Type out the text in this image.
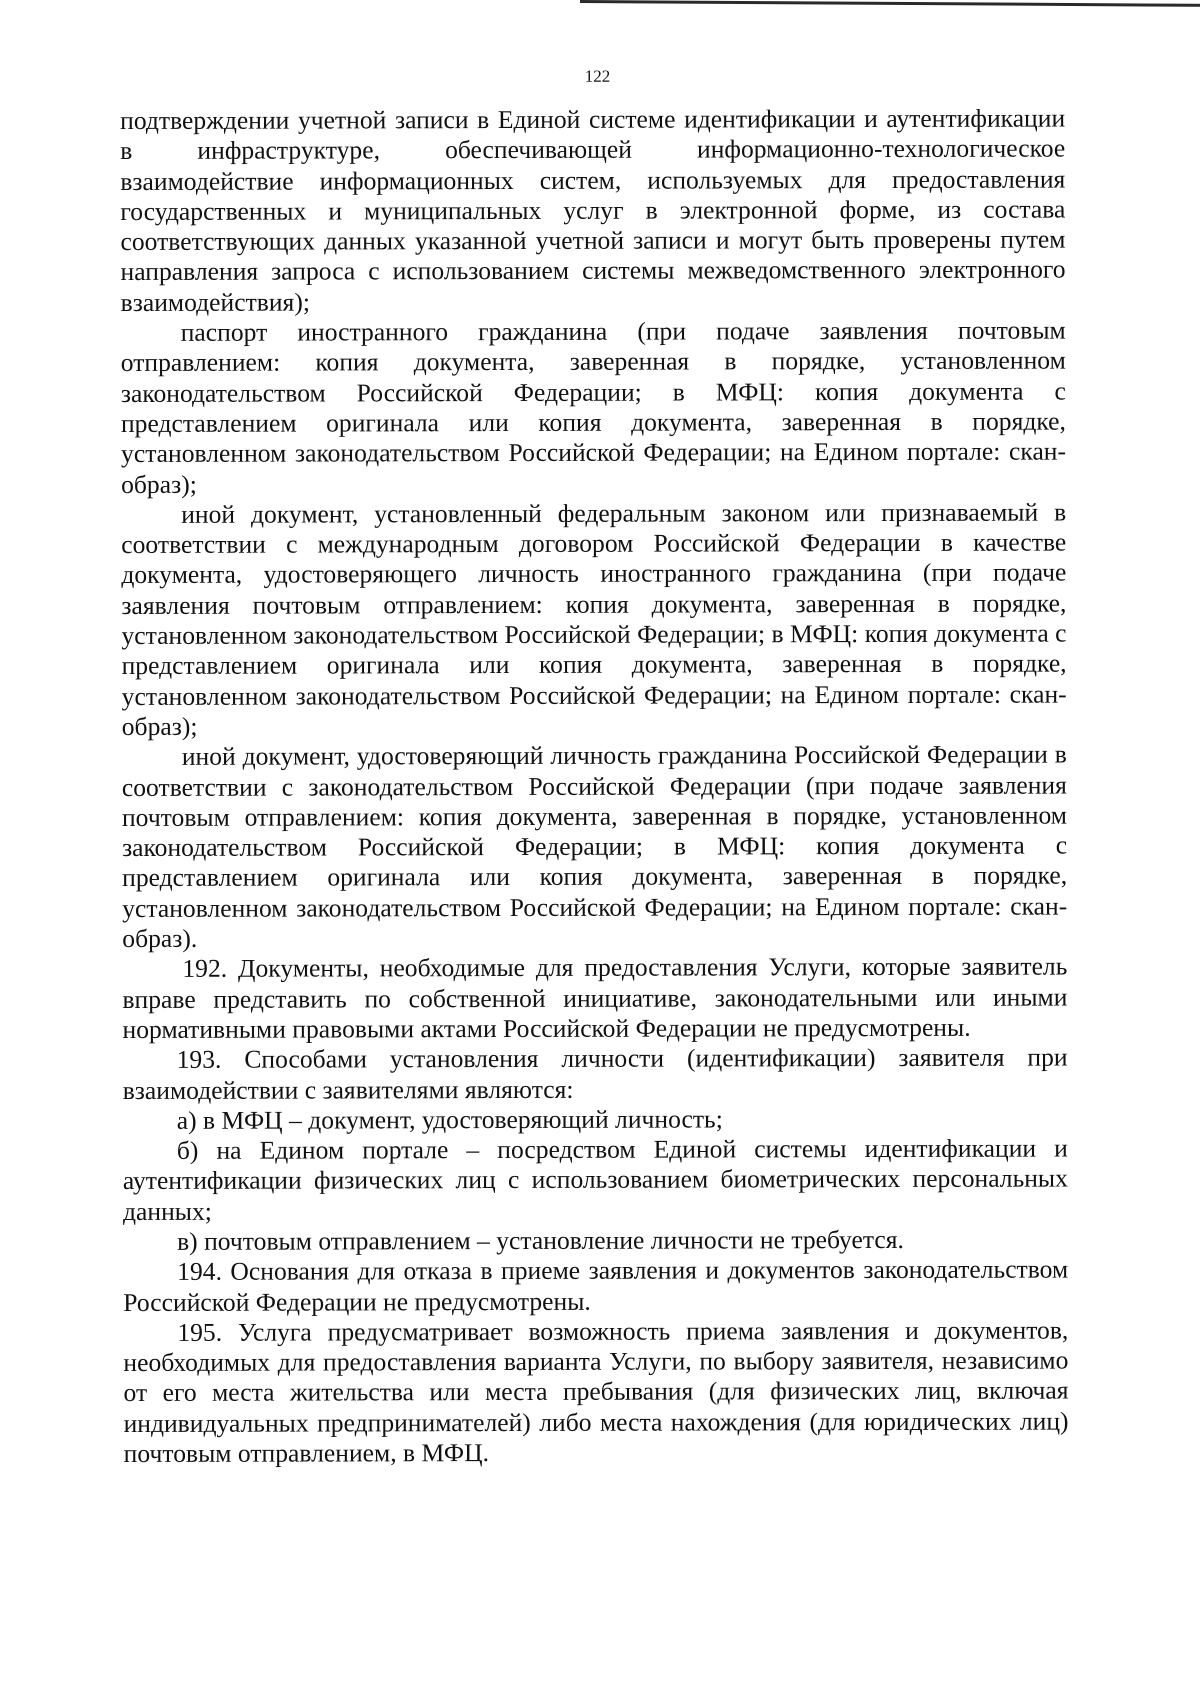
122

подтверждении учетной записи в Единой системе идентификации и аутентификации в инфраструктуре, обеспечивающей информационно-технологическое взаимодействие информационных систем, используемых для предоставления государственных и муниципальных услуг в электронной форме, из состава соответствующих данных указанной учетной записи и могут быть проверены путем направления запроса с использованием системы межведомственного электронного взаимодействия);

паспорт иностранного гражданина (при подаче заявления почтовым отправлением: копия документа, заверенная в порядке, установленном законодательством Российской Федерации; в МФЦ: копия документа с представлением оригинала или копия документа, заверенная в порядке, установленном законодательством Российской Федерации; на Едином портале: скан-образ);

иной документ, установленный федеральным законом или признаваемый в соответствии с международным договором Российской Федерации в качестве документа, удостоверяющего личность иностранного гражданина (при подаче заявления почтовым отправлением: копия документа, заверенная в порядке, установленном законодательством Российской Федерации; в МФЦ: копия документа с представлением оригинала или копия документа, заверенная в порядке, установленном законодательством Российской Федерации; на Едином портале: скан-образ);

иной документ, удостоверяющий личность гражданина Российской Федерации в соответствии с законодательством Российской Федерации (при подаче заявления почтовым отправлением: копия документа, заверенная в порядке, установленном законодательством Российской Федерации; в МФЦ: копия документа с представлением оригинала или копия документа, заверенная в порядке, установленном законодательством Российской Федерации; на Едином портале: скан-образ).

192. Документы, необходимые для предоставления Услуги, которые заявитель вправе представить по собственной инициативе, законодательными или иными нормативными правовыми актами Российской Федерации не предусмотрены.

193. Способами установления личности (идентификации) заявителя при взаимодействии с заявителями являются:

а) в МФЦ – документ, удостоверяющий личность;

б) на Едином портале – посредством Единой системы идентификации и аутентификации физических лиц с использованием биометрических персональных данных;

в) почтовым отправлением – установление личности не требуется.

194. Основания для отказа в приеме заявления и документов законодательством Российской Федерации не предусмотрены.

195. Услуга предусматривает возможность приема заявления и документов, необходимых для предоставления варианта Услуги, по выбору заявителя, независимо от его места жительства или места пребывания (для физических лиц, включая индивидуальных предпринимателей) либо места нахождения (для юридических лиц) почтовым отправлением, в МФЦ.
